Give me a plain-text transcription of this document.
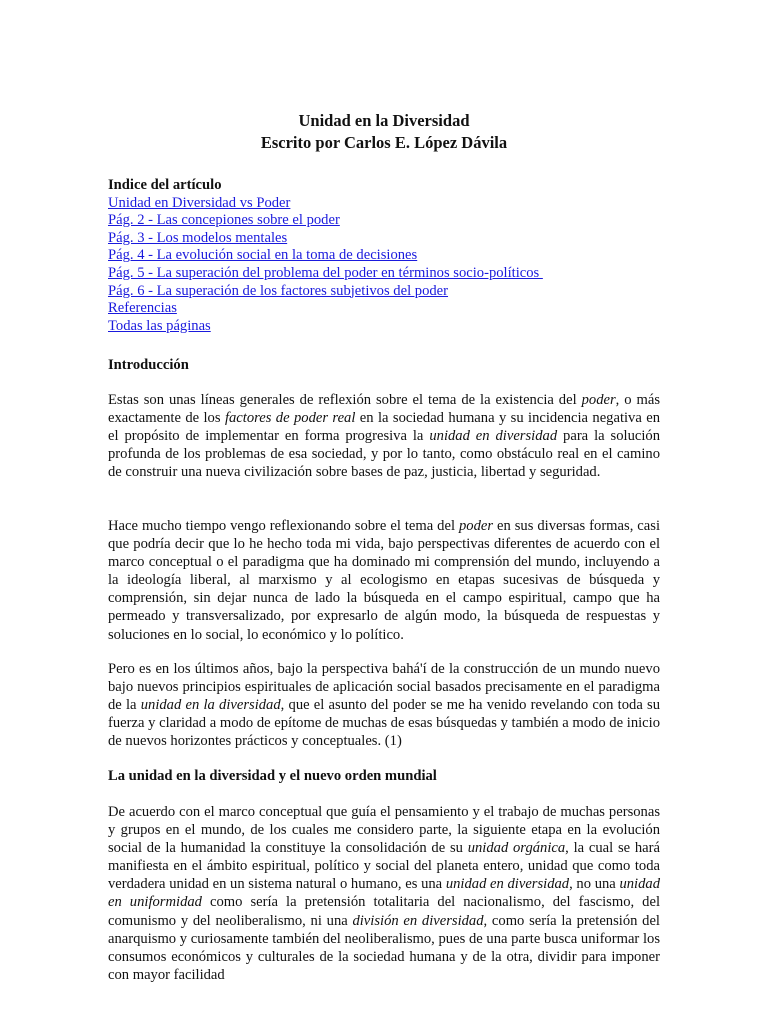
Unidad en la Diversidad
Escrito por Carlos E. López Dávila
Indice del artículo
Unidad en Diversidad vs Poder
Pág. 2 - Las concepiones sobre el poder
Pág. 3 - Los modelos mentales
Pág. 4 - La evolución social en la toma de decisiones
Pág. 5 - La superación del problema del poder en términos socio-políticos
Pág. 6 - La superación de los factores subjetivos del poder
Referencias
Todas las páginas
Introducción

Estas son unas líneas generales de reflexión sobre el tema de la existencia del poder, o más exactamente de los factores de poder real en la sociedad humana y su incidencia negativa en el propósito de implementar en forma progresiva la unidad en diversidad para la solución profunda de los problemas de esa sociedad, y por lo tanto, como obstáculo real en el camino de construir una nueva civilización sobre bases de paz, justicia, libertad y seguridad.

Hace mucho tiempo vengo reflexionando sobre el tema del poder en sus diversas formas, casi que podría decir que lo he hecho toda mi vida, bajo perspectivas diferentes de acuerdo con el marco conceptual o el paradigma que ha dominado mi comprensión del mundo, incluyendo a la ideología liberal, al marxismo y al ecologismo en etapas sucesivas de búsqueda y comprensión, sin dejar nunca de lado la búsqueda en el campo espiritual, campo que ha permeado y transversalizado, por expresarlo de algún modo, la búsqueda de respuestas y soluciones en lo social, lo económico y lo político.

Pero es en los últimos años, bajo la perspectiva bahá'í de la construcción de un mundo nuevo bajo nuevos principios espirituales de aplicación social basados precisamente en el paradigma de la unidad en la diversidad, que el asunto del poder se me ha venido revelando con toda su fuerza y claridad a modo de epítome de muchas de esas búsquedas y también a modo de inicio de nuevos horizontes prácticos y conceptuales. (1)

La unidad en la diversidad y el nuevo orden mundial

De acuerdo con el marco conceptual que guía el pensamiento y el trabajo de muchas personas y grupos en el mundo, de los cuales me considero parte, la siguiente etapa en la evolución social de la humanidad la constituye la consolidación de su unidad orgánica, la cual se hará manifiesta en el ámbito espiritual, político y social del planeta entero, unidad que como toda verdadera unidad en un sistema natural o humano, es una unidad en diversidad, no una unidad en uniformidad como sería la pretensión totalitaria del nacionalismo, del fascismo, del comunismo y del neoliberalismo, ni una división en diversidad, como sería la pretensión del anarquismo y curiosamente también del neoliberalismo, pues de una parte busca uniformar los consumos económicos y culturales de la sociedad humana y de la otra, dividir para imponer con mayor facilidad
